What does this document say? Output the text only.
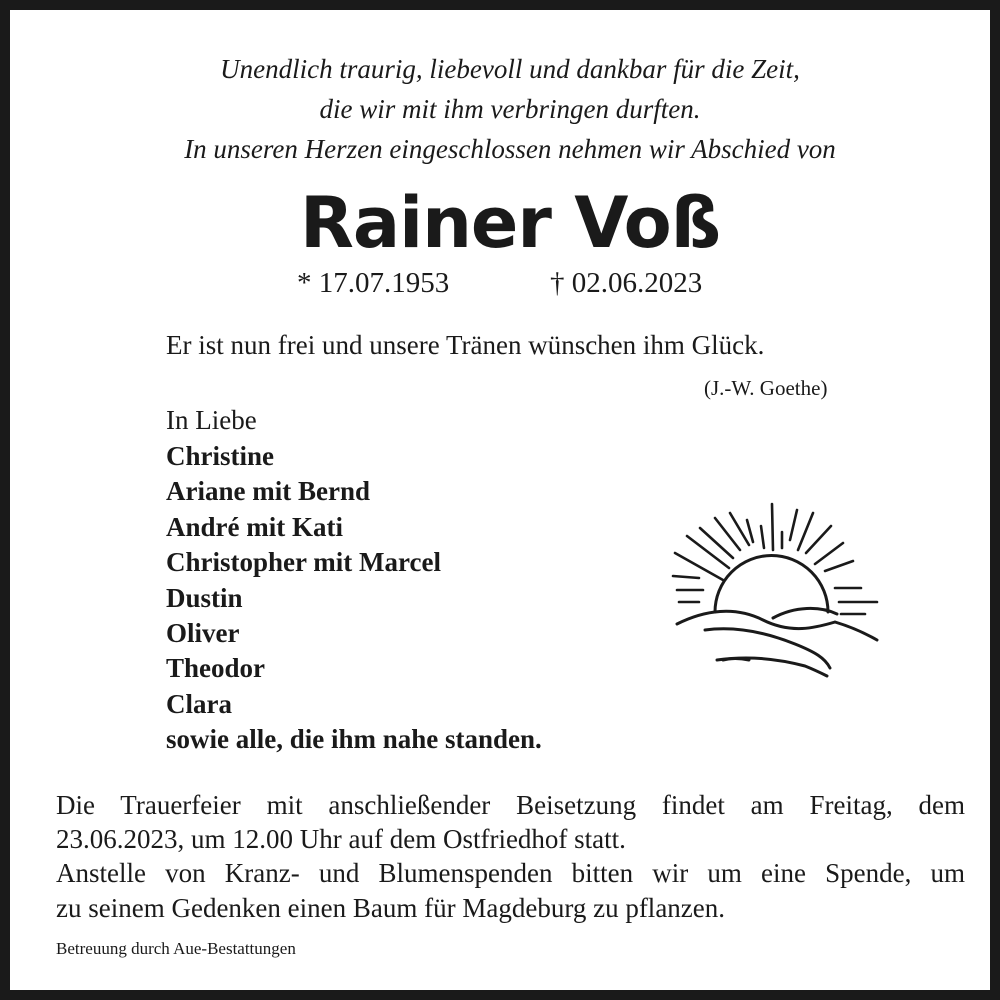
Unendlich traurig, liebevoll und dankbar für die Zeit,
die wir mit ihm verbringen durften.
In unseren Herzen eingeschlossen nehmen wir Abschied von
Rainer Voß
* 17.07.1953	† 02.06.2023
Er ist nun frei und unsere Tränen wünschen ihm Glück.
(J.-W. Goethe)
In Liebe
Christine
Ariane mit Bernd
André mit Kati
Christopher mit Marcel
Dustin
Oliver
Theodor
Clara
sowie alle, die ihm nahe standen.
Die Trauerfeier mit anschließender Beisetzung findet am Freitag, dem
23.06.2023, um 12.00 Uhr auf dem Ostfriedhof statt.
Anstelle von Kranz- und Blumenspenden bitten wir um eine Spende, um
zu seinem Gedenken einen Baum für Magdeburg zu pflanzen.
Betreuung durch Aue-Bestattungen
